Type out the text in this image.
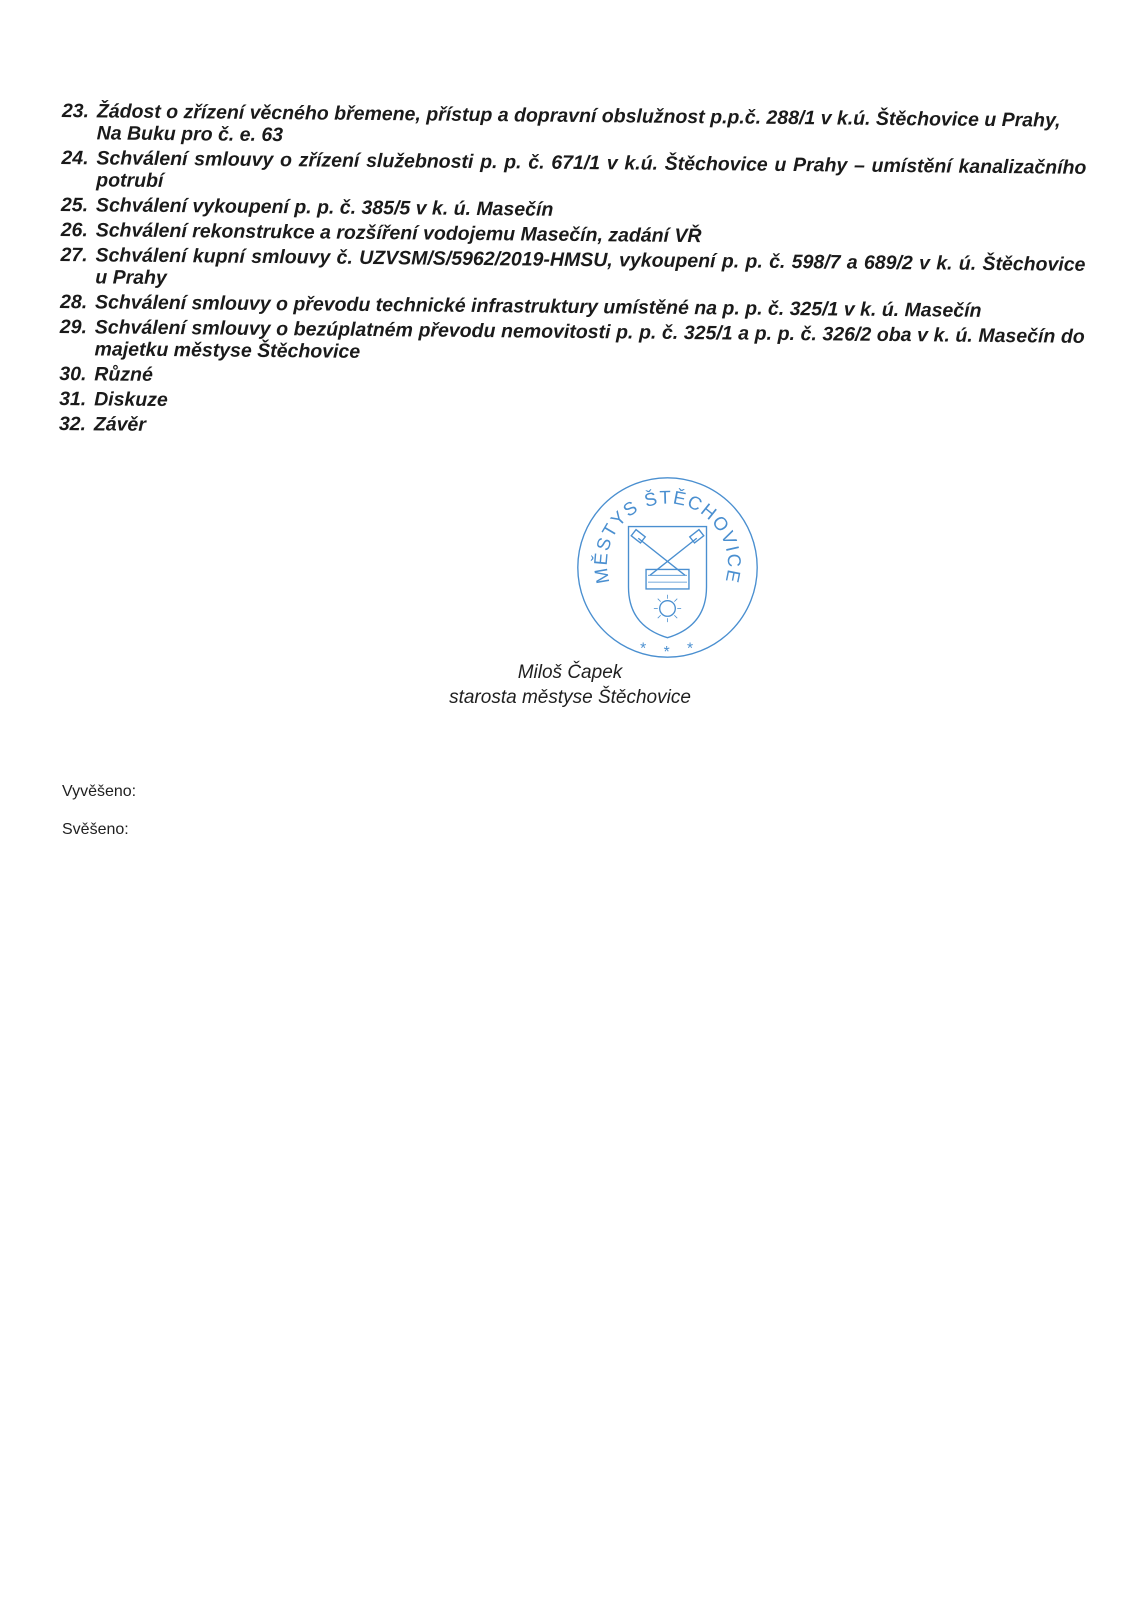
23. Žádost o zřízení věcného břemene, přístup a dopravní obslužnost p.p.č. 288/1 v k.ú. Štěchovice u Prahy, Na Buku pro č. e. 63
24. Schválení smlouvy o zřízení služebnosti p. p. č. 671/1 v k.ú. Štěchovice u Prahy – umístění kanalizačního potrubí
25. Schválení vykoupení p. p. č. 385/5 v k. ú. Masečín
26. Schválení rekonstrukce a rozšíření vodojemu Masečín, zadání VŘ
27. Schválení kupní smlouvy č. UZVSM/S/5962/2019-HMSU, vykoupení p. p. č. 598/7 a 689/2 v k. ú. Štěchovice u Prahy
28. Schválení smlouvy o převodu technické infrastruktury umístěné na p. p. č. 325/1 v k. ú. Masečín
29. Schválení smlouvy o bezúplatném převodu nemovitosti p. p. č. 325/1 a p. p. č. 326/2 oba v k. ú. Masečín do majetku městyse Štěchovice
30. Různé
31. Diskuze
32. Závěr
MĚSTYS ŠTĚCHOVICE
* * *
Miloš Čapek
starosta městyse Štěchovice
Vyvěšeno:
Svěšeno:
